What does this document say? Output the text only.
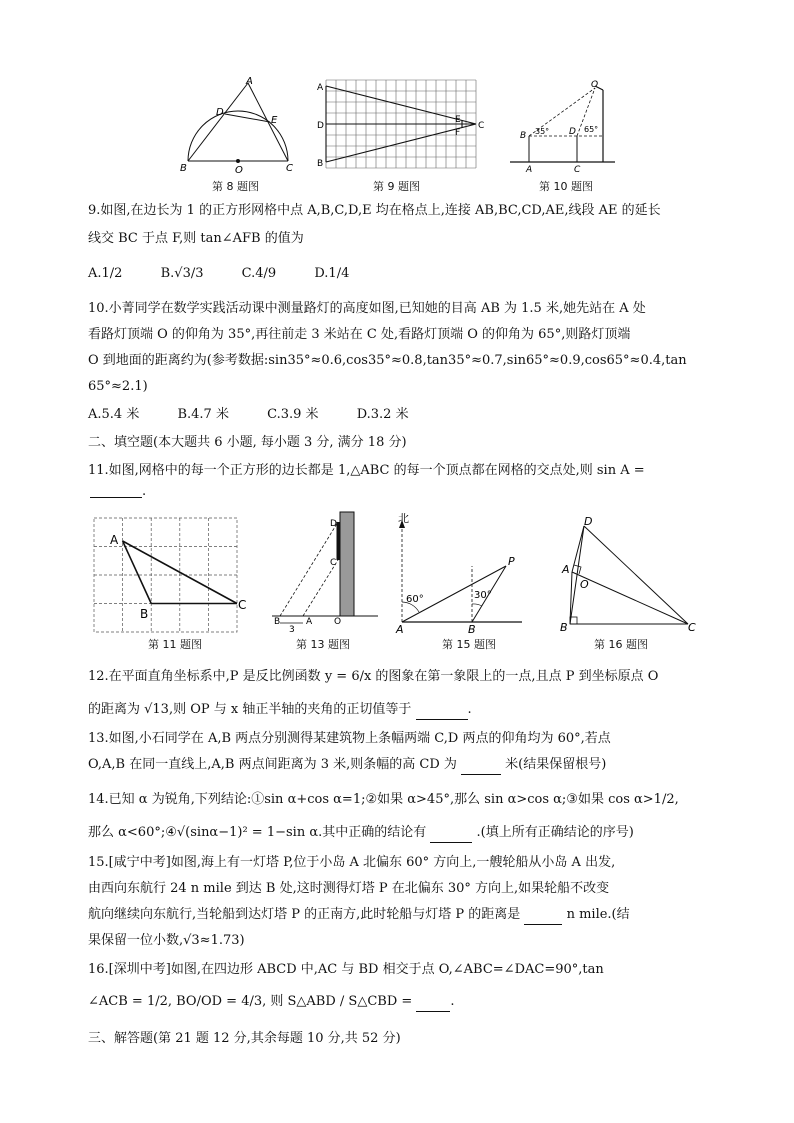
A
B	C
D
E
O
第 8 题图
A
D
B
E
F
C
第 9 题图
O
B	D
A	C
35°	65°
第 10 题图
9.如图,在边长为 1 的正方形网格中点 A,B,C,D,E 均在格点上,连接 AB,BC,CD,AE,线段 AE 的延长
线交 BC 于点 F,则 tan∠AFB 的值为
A.1/2	B.√3/3	C.4/9	D.1/4
10.小菁同学在数学实践活动课中测量路灯的高度如图,已知她的目高 AB 为 1.5 米,她先站在 A 处
看路灯顶端 O 的仰角为 35°,再往前走 3 米站在 C 处,看路灯顶端 O 的仰角为 65°,则路灯顶端
O 到地面的距离约为(参考数据:sin35°≈0.6,cos35°≈0.8,tan35°≈0.7,sin65°≈0.9,cos65°≈0.4,tan
65°≈2.1)
A.5.4 米	B.4.7 米	C.3.9 米	D.3.2 米
二、填空题(本大题共 6 小题, 每小题 3 分, 满分 18 分)
11.如图,网格中的每一个正方形的边长都是 1,△ABC 的每一个顶点都在网格的交点处,则 sin A =
.
A
B
C
第 11 题图
D
C
B	A O
3
第 13 题图
北
P
A	B
60°	30°
第 15 题图
D
A
O
B	C
第 16 题图
12.在平面直角坐标系中,P 是反比例函数 y = 6/x 的图象在第一象限上的一点,且点 P 到坐标原点 O
的距离为 √13,则 OP 与 x 轴正半轴的夹角的正切值等于	.
13.如图,小石同学在 A,B 两点分别测得某建筑物上条幅两端 C,D 两点的仰角均为 60°,若点
O,A,B 在同一直线上,A,B 两点间距离为 3 米,则条幅的高 CD 为	米(结果保留根号)
14.已知 α 为锐角,下列结论:①sin α+cos α=1;②如果 α>45°,那么 sin α>cos α;③如果 cos α>1/2,
那么 α<60°;④√(sinα−1)² = 1−sin α.其中正确的结论有	.(填上所有正确结论的序号)
15.[咸宁中考]如图,海上有一灯塔 P,位于小岛 A 北偏东 60° 方向上,一艘轮船从小岛 A 出发,
由西向东航行 24 n mile 到达 B 处,这时测得灯塔 P 在北偏东 30° 方向上,如果轮船不改变
航向继续向东航行,当轮船到达灯塔 P 的正南方,此时轮船与灯塔 P 的距离是	n mile.(结
果保留一位小数,√3≈1.73)
16.[深圳中考]如图,在四边形 ABCD 中,AC 与 BD 相交于点 O,∠ABC=∠DAC=90°,tan
∠ACB = 1/2, BO/OD = 4/3, 则 S△ABD / S△CBD =	.
三、解答题(第 21 题 12 分,其余每题 10 分,共 52 分)
